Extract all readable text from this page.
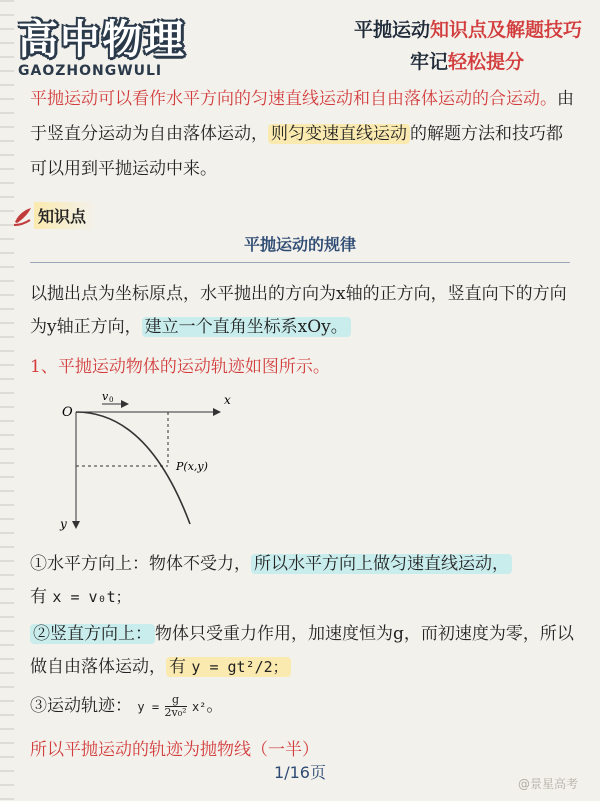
高中物理
GAOZHONGWULI
平抛运动知识点及解题技巧
牢记轻松提分
平抛运动可以看作水平方向的匀速直线运动和自由落体运动的合运动。由于竖直分运动为自由落体运动， 则匀变速直线运动 的解题方法和技巧都可以用到平抛运动中来。
知识点
平抛运动的规律
以抛出点为坐标原点，水平抛出的方向为x轴的正方向，竖直向下的方向为y轴正方向， 建立一个直角坐标系xOy。
1、平抛运动物体的运动轨迹如图所示。
O
v 0	x
y
P(x,y)
①水平方向上：物体不受力， 所以水平方向上做匀速直线运动，
有 x = v₀t；
②竖直方向上： 物体只受重力作用，加速度恒为g，而初速度为零，所以做自由落体运动， 有 y = gt²/2；
③运动轨迹： $y = \frac{g}{\text{2v₀²}} x^2$。
所以平抛运动的轨迹为抛物线（一半）
1/16页
@景星高考
